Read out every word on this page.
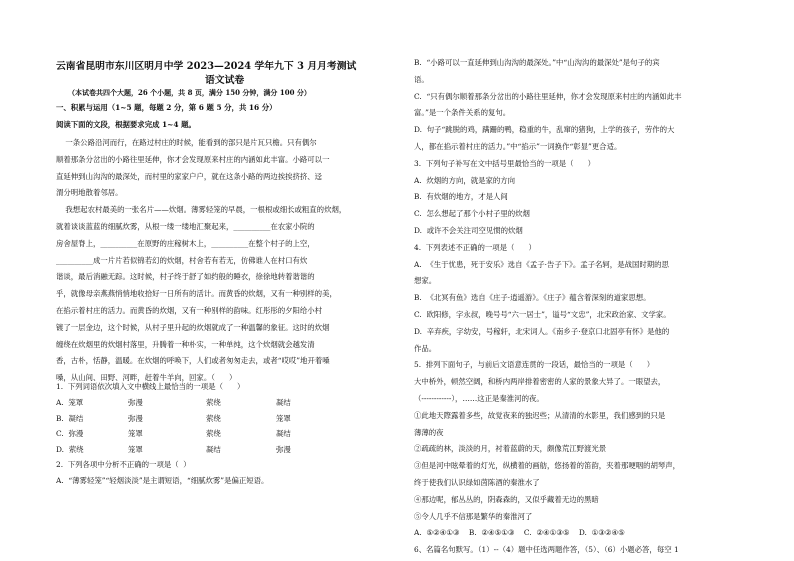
云南省昆明市东川区明月中学 2023—2024 学年九下 3 月月考测试
语文试卷
（本试卷共四个大题，26 个小题，共 8 页，满分 150 分钟，满分 100 分）
一、积累与运用（1~5 题，每题 2 分，第 6 题 5 分，共 16 分）
阅读下面的文段，根据要求完成 1~4 题。
一条公路沿河而行，在路过村庄的时候，能看到的部只是片瓦只檐。只有偶尔
顺着那条分岔出的小路往里延伸，你才会发现原来村庄的内涵如此丰富。小路可以一
直延伸到山沟沟的最深处，而村里的家家户户，就在这条小路的两边挨挨挤挤、迳
渭分明地散着邻居。
我想起农村最美的一张名片——炊烟。薄雾轻笼的早晨，一根根或细长或粗直的炊烟，
就着谈谈蓝蓝的细腻炊雾，从根一缕一缕地汇聚起来，__________在农家小院的
房舍屋脊上，__________在原野的庄稼树木上，__________在整个村子的上空，
__________成一片片若似锦若幻的炊烟，村舍若有若无，仿佛谁人在村口有炊
谐谈，最后消融无踪。这时候，村子终于舒了如约般的睡衣，徐徐地转着谐谐的
乎，就像母亲燕燕悄悄地收拾好一日所有的活计。而黄昏的炊烟，又有一种别样的美，
在掐示着村庄的活力。而黄昏的炊烟，又有一种别样的韵味。红彤彤的夕阳给小村
镀了一层金边，这个时候，从村子里升起的炊烟就成了一种温馨的象征。这时的炊烟
缠绕在炊烟里的炊烟村落里，升腾着一种朴实，一种单纯，这个炊烟就会越发清
香，古朴，恬静，温暖。在炊烟的呼唤下，人们或者匆匆走去，或者“哎哎”地开着嗓
嗓，从山间、田野、河畔，赶着牛羊向，回家。（      ）
1.  下列词语依次填入文中横线上最恰当的一项是（      ）
A.  笼罩	弥漫	萦绕	凝结
B.  凝结	弥漫	萦绕	笼罩
C.  弥漫	笼罩	萦绕	凝结
D.  萦绕	笼罩	凝结	弥漫
2.  下列各项中分析不正确的一项是（  ）
A.  “薄雾轻笼”“轻烟淡淡”是主谓短语，“细腻炊雾”是偏正短语。
B.  “小路可以一直延伸到山沟沟的最深处。”中“山沟沟的最深处”是句子的宾
语。
C.  “只有偶尔顺着那条分岔出的小路往里延伸，你才会发现原来村庄的内涵如此丰
富。”是一个条件关系的复句。
D.  句子“跳脱的鸡，蹒跚的鸭，稳重的牛，乱窜的猪狗，上学的孩子，劳作的大
人，都在掐示着村庄的活力。”中“掐示”一词换作“彰显”更合适。
3.  下列句子补写在文中括号里最恰当的一项是（      ）
A.  炊烟的方向，就是家的方向
B.  有炊烟的地方，才是人间
C.  怎么想起了那个小村子里的炊烟
D.  或许不会关注司空见惯的炊烟
4.  下列表述不正确的一项是（      ）
A.  《生于忧患，死于安乐》选自《孟子·告子下》。孟子名轲，是战国时期的思
想家。
B.  《北冥有鱼》选自《庄子·逍遥游》。《庄子》蕴含着深刻的道家思想。
C.  欧阳修，字永叔，晚号号“六一居士”，谥号“文忠”，北宋政治家、文学家。
D.  辛弃疾，字幼安，号稼轩，北宋词人。《南乡子·登京口北固亭有怀》是他的
作品。
5.  排列下面句子，与前后文语意连贯的一段话，最恰当的一项是（      ）
大中桥外，顿然空阔，和桥内两岸排着密密的人家的景象大异了。一眼望去，
（------------），……这正是秦淮河的夜。
①此地天際露着多些，故觉夜来的独迟些；从清清的水影里，我们感到的只是
薄薄的夜
②疏疏的林，淡淡的月，衬着蓝蔚的天，颇像荒江野渡光景
③但是河中眩晕着的灯光，纵横着的画舫，悠扬着的笛韵，夹着那哽咽的胡琴声，
终于使我们认识绿如茵陈酒的秦淮水了
④那边呢，郁丛丛的，阴森森的，又似乎藏着无边的黑暗
⑤令人几乎不信那是繁华的秦淮河了
A.  ⑤②④①③    B.  ②④⑤①③    C.  ②④①③⑤    D.  ①③②④⑤
6、名篇名句默写。（1）--（4）题中任选两题作答，（5）、（6）小题必答，每空 1
